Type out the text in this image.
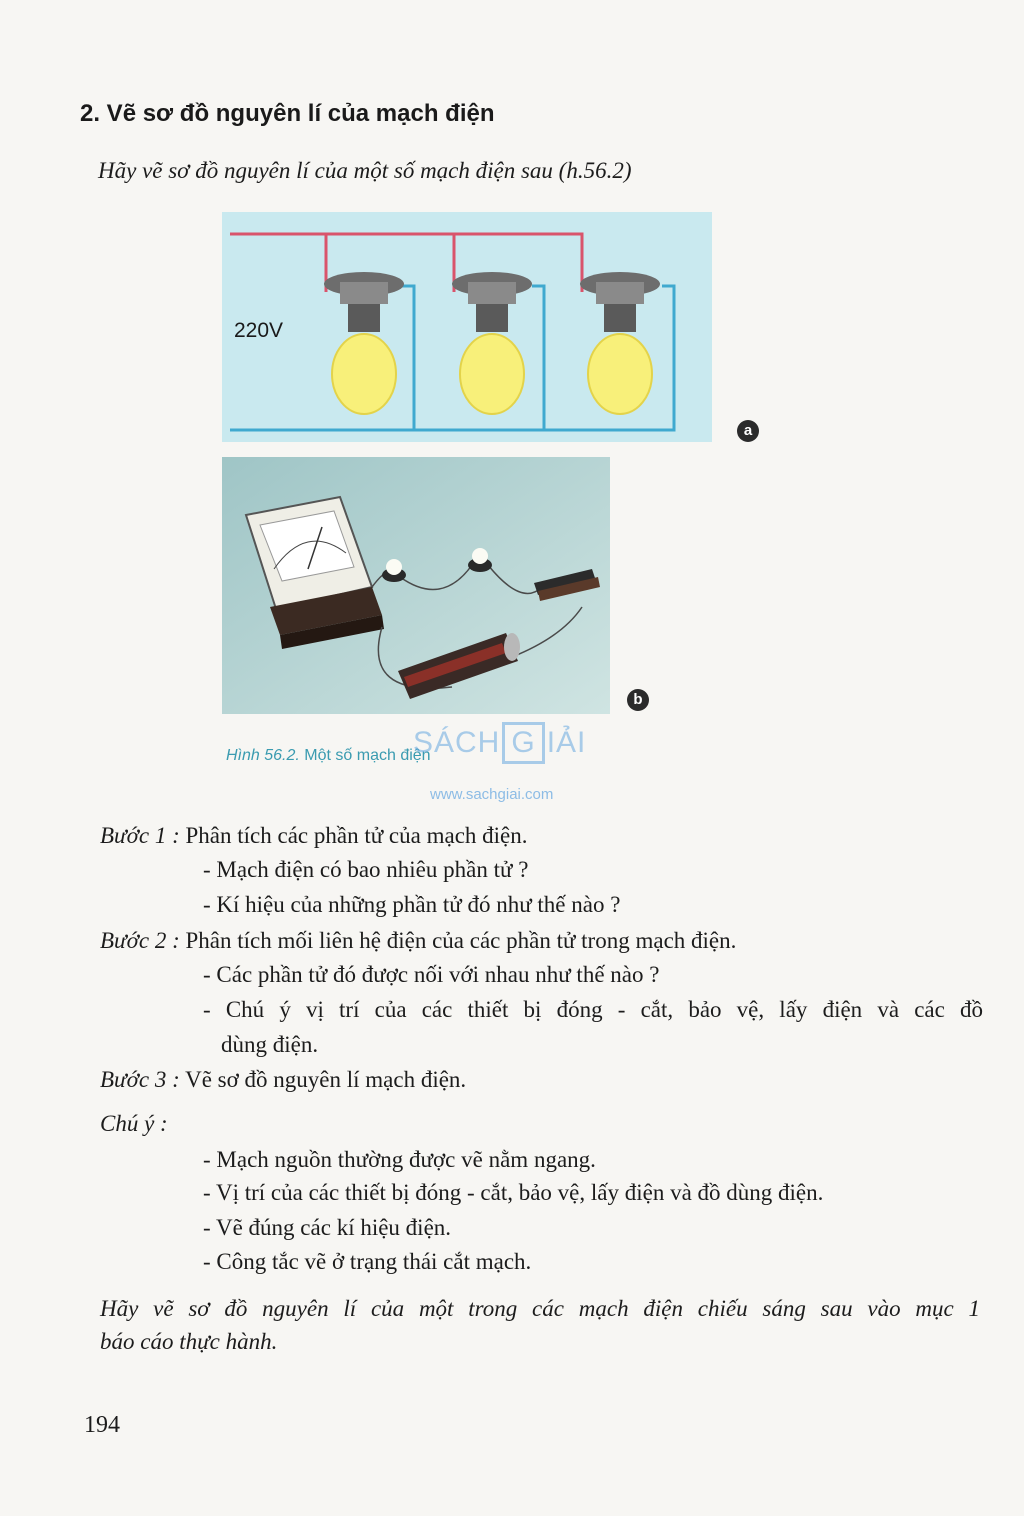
2. Vẽ sơ đồ nguyên lí của mạch điện
Hãy vẽ sơ đồ nguyên lí của một số mạch điện sau (h.56.2)
220V
a
b
Hình 56.2. Một số mạch điện
SÁCH G IẢI
www.sachgiai.com
Bước 1 : Phân tích các phần tử của mạch điện.
- Mạch điện có bao nhiêu phần tử ?
- Kí hiệu của những phần tử đó như thế nào ?
Bước 2 : Phân tích mối liên hệ điện của các phần tử trong mạch điện.
- Các phần tử đó được nối với nhau như thế nào ?
- Chú ý vị trí của các thiết bị đóng - cắt, bảo vệ, lấy điện và các đồ
dùng điện.
Bước 3 : Vẽ sơ đồ nguyên lí mạch điện.
Chú ý :
- Mạch nguồn thường được vẽ nằm ngang.
- Vị trí của các thiết bị đóng - cắt, bảo vệ, lấy điện và đồ dùng điện.
- Vẽ đúng các kí hiệu điện.
- Công tắc vẽ ở trạng thái cắt mạch.
Hãy vẽ sơ đồ nguyên lí của một trong các mạch điện chiếu sáng sau vào mục 1
báo cáo thực hành.
194
